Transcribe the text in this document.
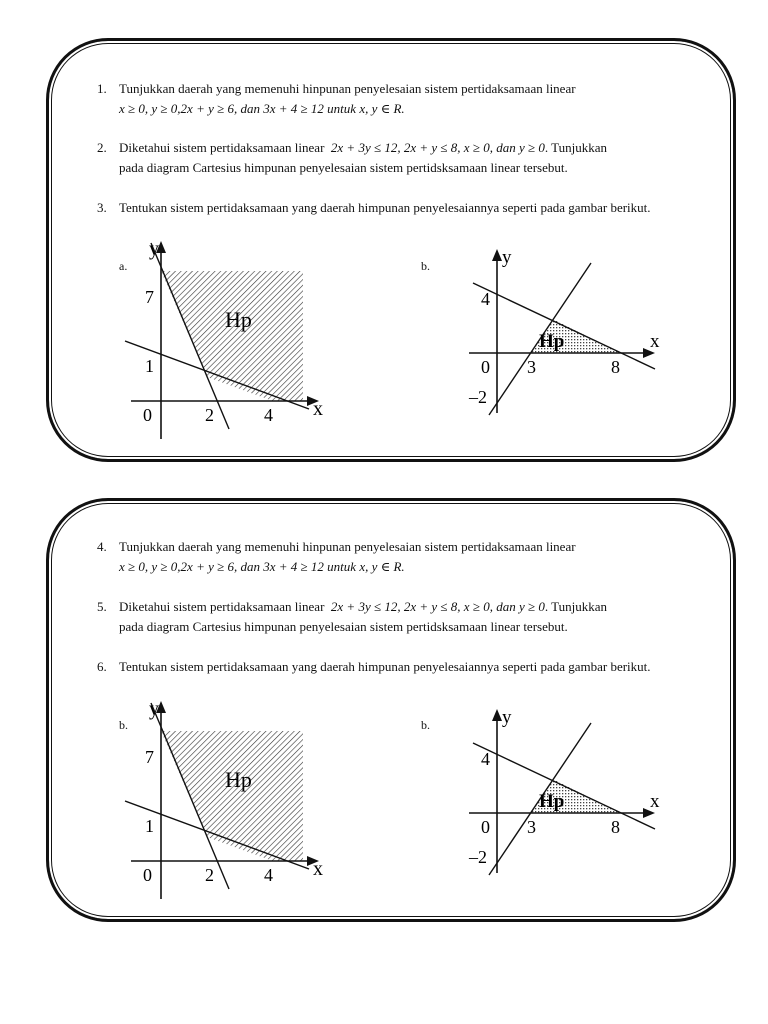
1. Tunjukkan daerah yang memenuhi hinpunan penyelesaian sistem pertidaksamaan linear
x ≥ 0, y ≥ 0,2x + y ≥ 6, dan 3x + 4 ≥ 12 untuk x, y ∈ R.
2. Diketahui sistem pertidaksamaan linear 2x + 3y ≤ 12, 2x + y ≤ 8, x ≥ 0, dan y ≥ 0. Tunjukkan
pada diagram Cartesius himpunan penyelesaian sistem pertidsksamaan linear tersebut.
3. Tentukan sistem pertidaksamaan yang daerah himpunan penyelesaiannya seperti pada gambar berikut.
a.	b.
y
x
7
1
0	2	4
Hp
y
x
4
–2
0 3	8
Hp
4. Tunjukkan daerah yang memenuhi hinpunan penyelesaian sistem pertidaksamaan linear
x ≥ 0, y ≥ 0,2x + y ≥ 6, dan 3x + 4 ≥ 12 untuk x, y ∈ R.
5. Diketahui sistem pertidaksamaan linear 2x + 3y ≤ 12, 2x + y ≤ 8, x ≥ 0, dan y ≥ 0. Tunjukkan
pada diagram Cartesius himpunan penyelesaian sistem pertidsksamaan linear tersebut.
6. Tentukan sistem pertidaksamaan yang daerah himpunan penyelesaiannya seperti pada gambar berikut.
b.	b.
y
x
7
1
0	2	4
Hp
y
x
4
–2
0 3	8
Hp
